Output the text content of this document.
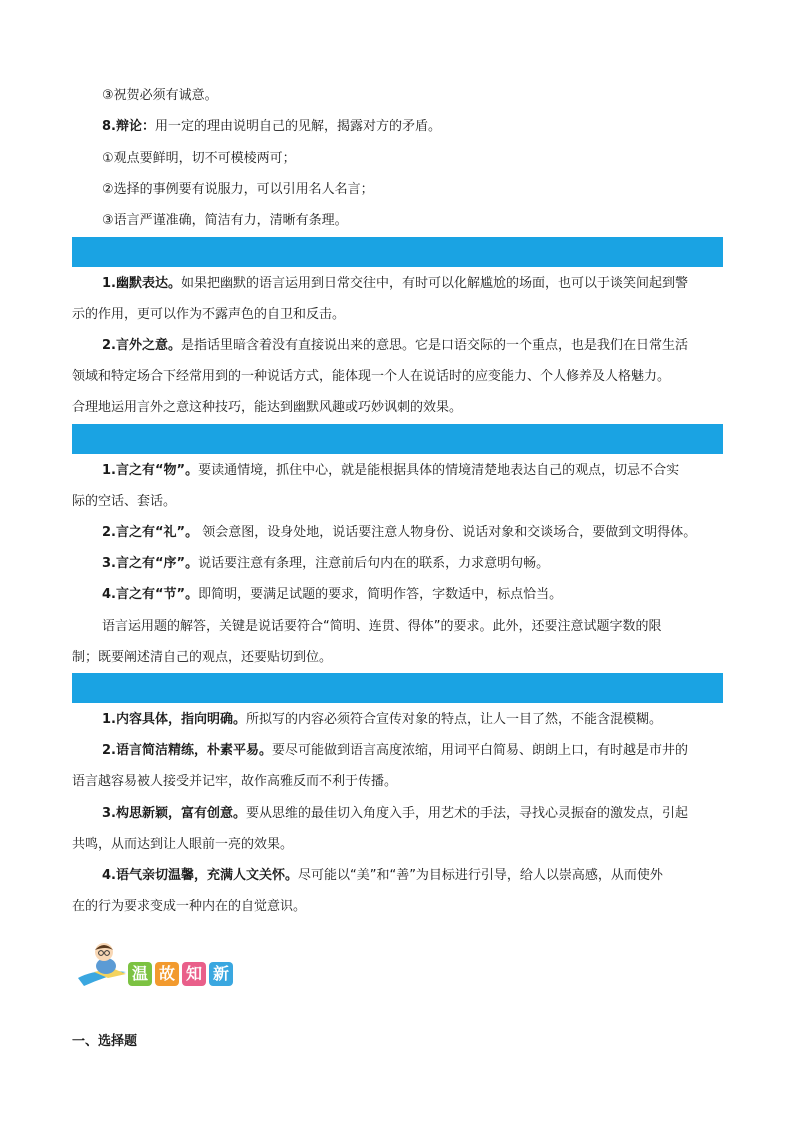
③祝贺必须有诚意。
8.辩论：用一定的理由说明自己的见解，揭露对方的矛盾。
①观点要鲜明，切不可模棱两可；
②选择的事例要有说服力，可以引用名人名言；
③语言严谨准确，简洁有力，清晰有条理。
1.幽默表达。如果把幽默的语言运用到日常交往中，有时可以化解尴尬的场面，也可以于谈笑间起到警
示的作用，更可以作为不露声色的自卫和反击。
2.言外之意。是指话里暗含着没有直接说出来的意思。它是口语交际的一个重点，也是我们在日常生活
领域和特定场合下经常用到的一种说话方式，能体现一个人在说话时的应变能力、个人修养及人格魅力。
合理地运用言外之意这种技巧，能达到幽默风趣或巧妙讽刺的效果。
1.言之有“物”。要读通情境，抓住中心，就是能根据具体的情境清楚地表达自己的观点，切忌不合实
际的空话、套话。
2.言之有“礼”。 领会意图，设身处地，说话要注意人物身份、说话对象和交谈场合，要做到文明得体。
3.言之有“序”。说话要注意有条理，注意前后句内在的联系，力求意明句畅。
4.言之有“节”。即简明，要满足试题的要求，简明作答，字数适中，标点恰当。
语言运用题的解答，关键是说话要符合“简明、连贯、得体”的要求。此外，还要注意试题字数的限
制；既要阐述清自己的观点，还要贴切到位。
1.内容具体，指向明确。所拟写的内容必须符合宣传对象的特点，让人一目了然，不能含混模糊。
2.语言简洁精练，朴素平易。要尽可能做到语言高度浓缩，用词平白简易、朗朗上口，有时越是市井的
语言越容易被人接受并记牢，故作高雅反而不利于传播。
3.构思新颖，富有创意。要从思维的最佳切入角度入手，用艺术的手法，寻找心灵振奋的激发点，引起
共鸣，从而达到让人眼前一亮的效果。
4.语气亲切温馨，充满人文关怀。尽可能以“美”和“善”为目标进行引导，给人以崇高感，从而使外
在的行为要求变成一种内在的自觉意识。
温 故 知 新
一、选择题
